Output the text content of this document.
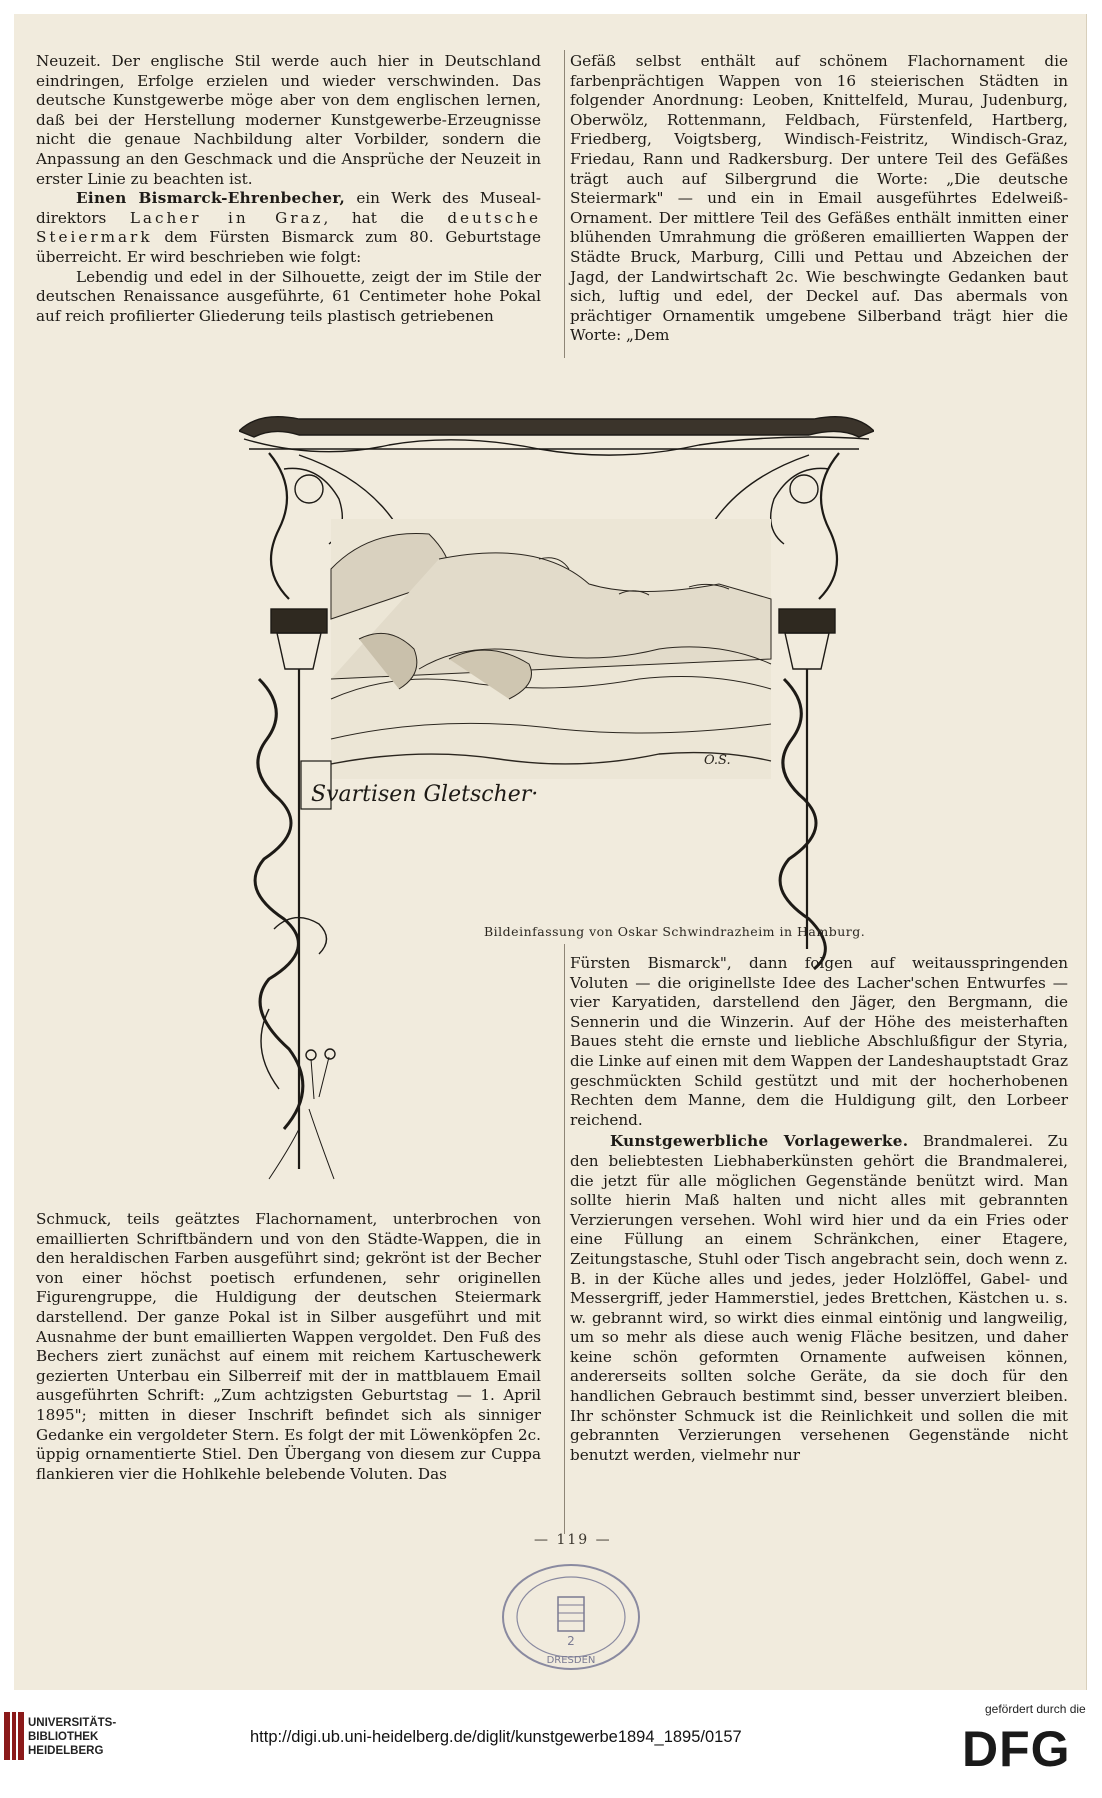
Neuzeit. Der englische Stil werde auch hier in Deutschland eindringen, Erfolge erzielen und wieder verschwinden. Das deutsche Kunstgewerbe möge aber von dem englischen lernen, daß bei der Herstellung moderner Kunstgewerbe-Erzeugnisse nicht die genaue Nachbildung alter Vorbilder, sondern die Anpassung an den Geschmack und die Ansprüche der Neuzeit in erster Linie zu beachten ist.

Einen Bismarck-Ehrenbecher, ein Werk des Museal-direktors Lacher in Graz, hat die deutsche Steiermark dem Fürsten Bismarck zum 80. Geburtstage überreicht. Er wird beschrieben wie folgt:

Lebendig und edel in der Silhouette, zeigt der im Stile der deutschen Renaissance ausgeführte, 61 Centimeter hohe Pokal auf reich profilierter Gliederung teils plastisch getriebenen

Gefäß selbst enthält auf schönem Flachornament die farbenprächtigen Wappen von 16 steierischen Städten in folgender Anordnung: Leoben, Knittelfeld, Murau, Judenburg, Oberwölz, Rottenmann, Feldbach, Fürstenfeld, Hartberg, Friedberg, Voigtsberg, Windisch-Feistritz, Windisch-Graz, Friedau, Rann und Radkersburg. Der untere Teil des Gefäßes trägt auch auf Silbergrund die Worte: „Die deutsche Steiermark" — und ein in Email ausgeführtes Edelweiß-Ornament. Der mittlere Teil des Gefäßes enthält inmitten einer blühenden Umrahmung die größeren emaillierten Wappen der Städte Bruck, Marburg, Cilli und Pettau und Abzeichen der Jagd, der Landwirtschaft 2c. Wie beschwingte Gedanken baut sich, luftig und edel, der Deckel auf. Das abermals von prächtiger Ornamentik umgebene Silberband trägt hier die Worte: „Dem

O.S.
Svartisen Gletscher·
Bildeinfassung von Oskar Schwindrazheim in Hamburg.

Fürsten Bismarck", dann folgen auf weitausspringenden Voluten — die originellste Idee des Lacher'schen Entwurfes — vier Karyatiden, darstellend den Jäger, den Bergmann, die Sennerin und die Winzerin. Auf der Höhe des meisterhaften Baues steht die ernste und liebliche Abschlußfigur der Styria, die Linke auf einen mit dem Wappen der Landeshauptstadt Graz geschmückten Schild gestützt und mit der hocherhobenen Rechten dem Manne, dem die Huldigung gilt, den Lorbeer reichend.

Kunstgewerbliche Vorlagewerke. Brandmalerei. Zu den beliebtesten Liebhaberkünsten gehört die Brandmalerei, die jetzt für alle möglichen Gegenstände benützt wird. Man sollte hierin Maß halten und nicht alles mit gebrannten Verzierungen versehen. Wohl wird hier und da ein Fries oder eine Füllung an einem Schränkchen, einer Etagere, Zeitungstasche, Stuhl oder Tisch angebracht sein, doch wenn z. B. in der Küche alles und jedes, jeder Holzlöffel, Gabel- und Messergriff, jeder Hammerstiel, jedes Brettchen, Kästchen u. s. w. gebrannt wird, so wirkt dies einmal eintönig und langweilig, um so mehr als diese auch wenig Fläche besitzen, und daher keine schön geformten Ornamente aufweisen können, andererseits sollten solche Geräte, da sie doch für den handlichen Gebrauch bestimmt sind, besser unverziert bleiben. Ihr schönster Schmuck ist die Reinlichkeit und sollen die mit gebrannten Verzierungen versehenen Gegenstände nicht benutzt werden, vielmehr nur

Schmuck, teils geätztes Flachornament, unterbrochen von emaillierten Schriftbändern und von den Städte-Wappen, die in den heraldischen Farben ausgeführt sind; gekrönt ist der Becher von einer höchst poetisch erfundenen, sehr originellen Figurengruppe, die Huldigung der deutschen Steiermark darstellend. Der ganze Pokal ist in Silber ausgeführt und mit Ausnahme der bunt emaillierten Wappen vergoldet. Den Fuß des Bechers ziert zunächst auf einem mit reichem Kartuschewerk gezierten Unterbau ein Silberreif mit der in mattblauem Email ausgeführten Schrift: „Zum achtzigsten Geburtstag — 1. April 1895"; mitten in dieser Inschrift befindet sich als sinniger Gedanke ein vergoldeter Stern. Es folgt der mit Löwenköpfen 2c. üppig ornamentierte Stiel. Den Übergang von diesem zur Cuppa flankieren vier die Hohlkehle belebende Voluten. Das

— 119 —
2
DRESDEN
UNIVERSITÄTS-
BIBLIOTHEK
HEIDELBERG
http://digi.ub.uni-heidelberg.de/diglit/kunstgewerbe1894_1895/0157
gefördert durch die
DFG
